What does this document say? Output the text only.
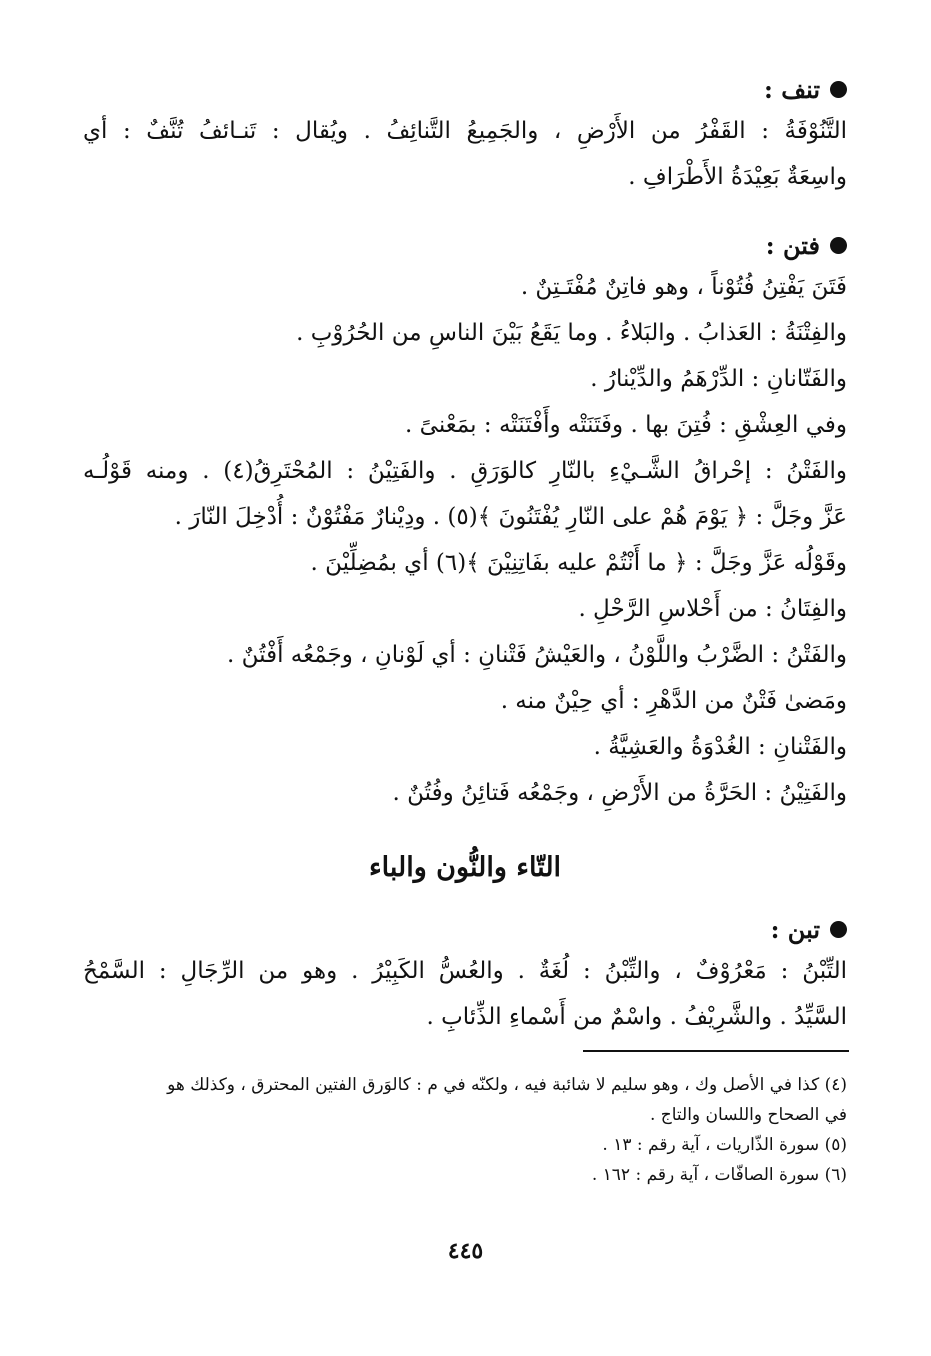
تنف :
التَّنُوْفَةُ : القَفْرُ من الأَرْضِ ، والجَمِيعُ التَّنائِفُ . ويُقال : تَنـائفُ تُنَّفٌ : أي
واسِعَةٌ بَعِيْدَةُ الأَطْرَافِ .
فتن :
فَتَنَ يَفْتِنُ فُتُوْناً ، وهو فاتِنٌ مُفْتَـتِنٌ .
والفِتْنَةُ : العَذابُ . والبَلاءُ . وما يَقَعُ بَيْنَ الناسِ من الحُرُوْبِ .
والفَتّانانِ : الدِّرْهَمُ والدِّيْنارُ .
وفي العِشْقِ : فُتِنَ بها . وفَتَنَتْه وأَفْتَنَتْه : بمَعْنىً .
والفَتْنُ : إحْراقُ الشَّـيْءِ بالنّارِ كالوَرَقِ . والفَتِيْنُ : المُحْتَرِقُ(٤) . ومنه قَوْلُـه
عَزَّ وجَلَّ : ﴿ يَوْمَ هُمْ على النّارِ يُفْتَنُونَ ﴾(٥) . ودِيْنارٌ مَفْتُوْنٌ : أُدْخِلَ النّارَ .
وقَوْلُه عَزَّ وجَلَّ : ﴿ ما أَنْتُمْ عليه بفَاتِنِيْنَ ﴾(٦) أي بمُضِلِّيْنَ .
والفِتَانُ : من أَحْلاسِ الرَّحْلِ .
والفَتْنُ : الضَّرْبُ واللَّوْنُ ، والعَيْشُ فَتْنانِ : أي لَوْنانِ ، وجَمْعُه أَفْتُنٌ .
ومَضىٰ فَتْنٌ من الدَّهْرِ : أي حِيْنٌ منه .
والفَتْنانِ : الغُدْوَةُ والعَشِيَّةُ .
والفَتِيْنُ : الحَرَّةُ من الأَرْضِ ، وجَمْعُه فَتائِنُ وفُتُنٌ .
التّاء والنُّون والباء
تبن :
التِّبْنُ : مَعْرُوْفٌ ، والتِّبْنُ : لُغَةٌ . والعُسُّ الكَبِيْرُ . وهو من الرِّجَالِ : السَّمْحُ
السَّيِّدُ . والشَّرِيْفُ . واسْمٌ من أَسْماءِ الذِّئابِ .
(٤) كذا في الأصل وك ، وهو سليم لا شائبة فيه ، ولكنّه في م : كالوَرق الفتين المحترق ، وكذلك هو
في الصحاح واللسان والتاج .
(٥) سورة الذّاريات ، آية رقم : ١٣ .
(٦) سورة الصافّات ، آية رقم : ١٦٢ .
٤٤٥
